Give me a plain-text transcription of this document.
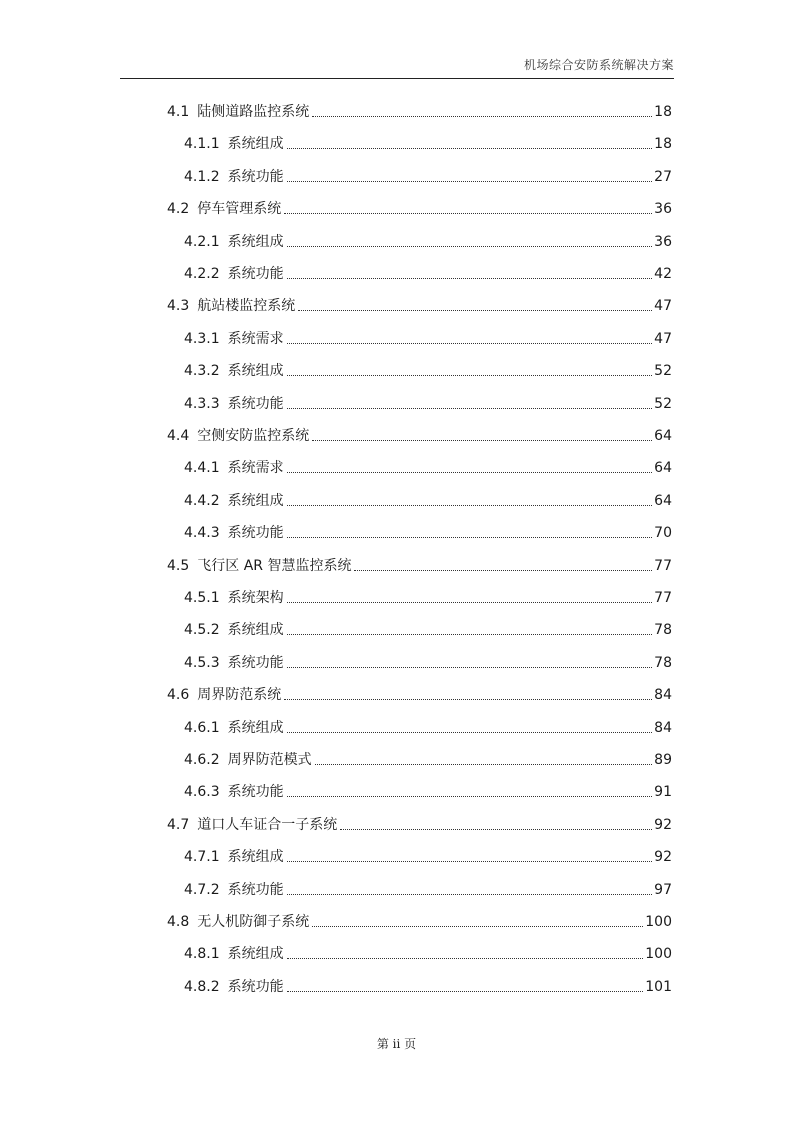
机场综合安防系统解决方案
4.1 陆侧道路监控系统	18
4.1.1 系统组成	18
4.1.2 系统功能	27
4.2 停车管理系统	36
4.2.1 系统组成	36
4.2.2 系统功能	42
4.3 航站楼监控系统	47
4.3.1 系统需求	47
4.3.2 系统组成	52
4.3.3 系统功能	52
4.4 空侧安防监控系统	64
4.4.1 系统需求	64
4.4.2 系统组成	64
4.4.3 系统功能	70
4.5 飞行区 AR 智慧监控系统	77
4.5.1 系统架构	77
4.5.2 系统组成	78
4.5.3 系统功能	78
4.6 周界防范系统	84
4.6.1 系统组成	84
4.6.2 周界防范模式	89
4.6.3 系统功能	91
4.7 道口人车证合一子系统	92
4.7.1 系统组成	92
4.7.2 系统功能	97
4.8 无人机防御子系统	100
4.8.1 系统组成	100
4.8.2 系统功能	101
第 ii 页
